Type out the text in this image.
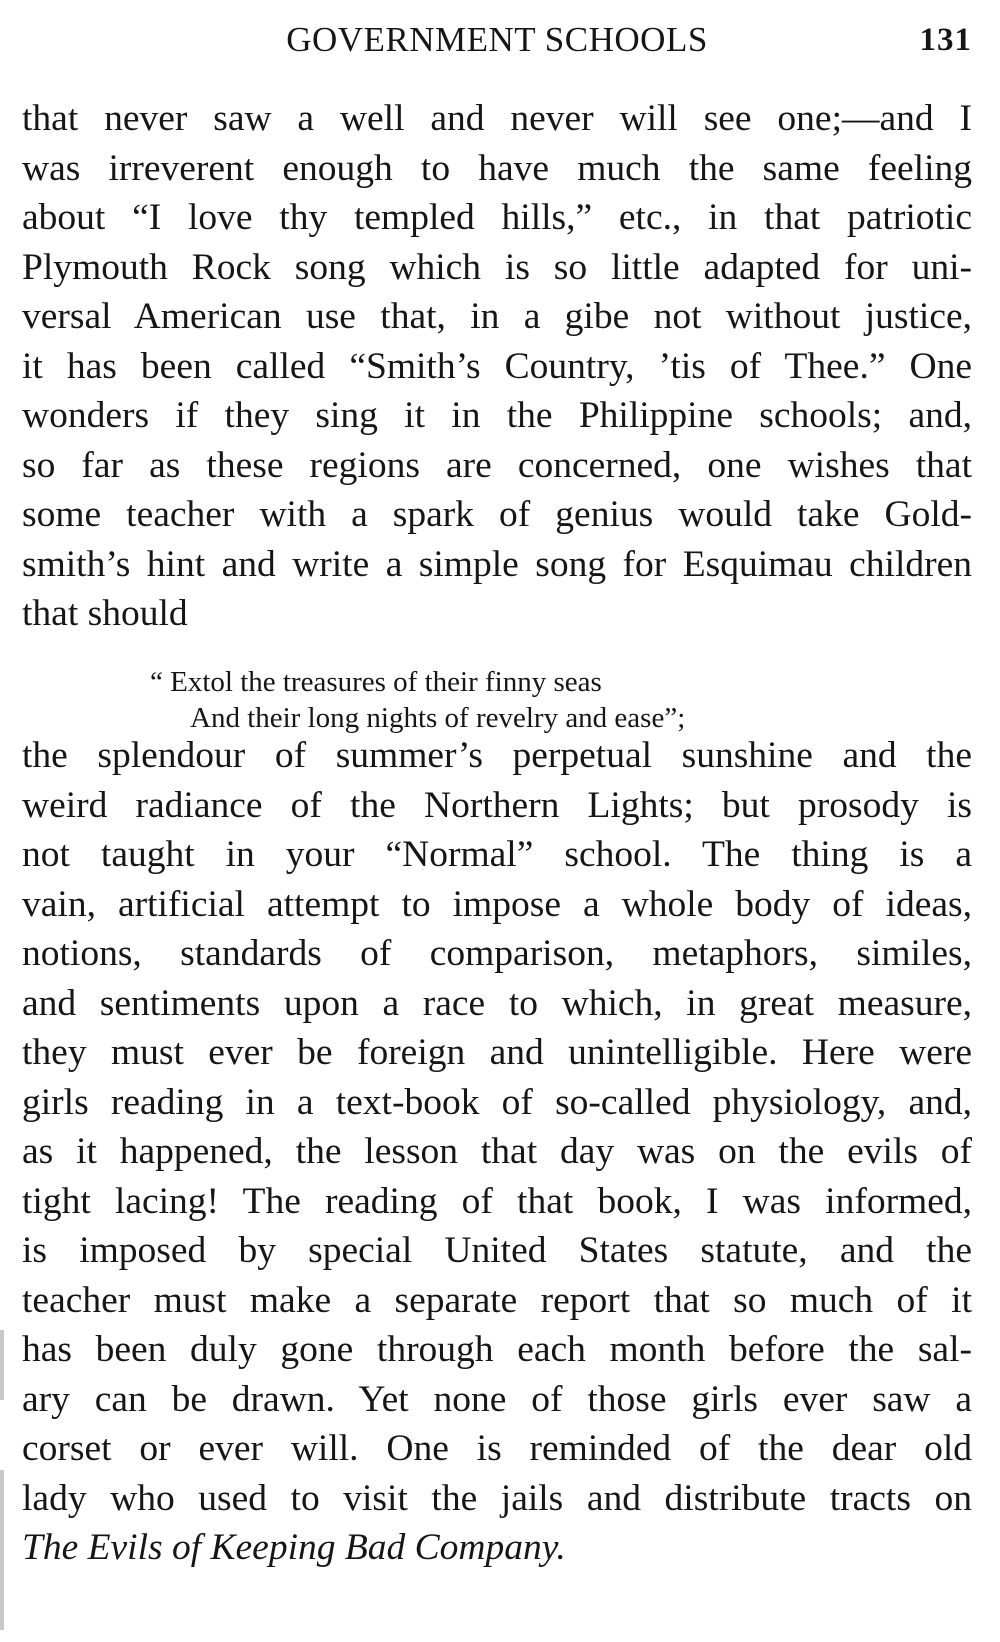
GOVERNMENT SCHOOLS	131

that never saw a well and never will see one;—and I
was irreverent enough to have much the same feeling
about “I love thy templed hills,” etc., in that patriotic
Plymouth Rock song which is so little adapted for uni-
versal American use that, in a gibe not without justice,
it has been called “Smith’s Country, ’tis of Thee.” One
wonders if they sing it in the Philippine schools; and,
so far as these regions are concerned, one wishes that
some teacher with a spark of genius would take Gold-
smith’s hint and write a simple song for Esquimau children
that should

“ Extol the treasures of their finny seas
And their long nights of revelry and ease”;

the splendour of summer’s perpetual sunshine and the
weird radiance of the Northern Lights; but prosody is
not taught in your “Normal” school. The thing is a
vain, artificial attempt to impose a whole body of ideas,
notions, standards of comparison, metaphors, similes,
and sentiments upon a race to which, in great measure,
they must ever be foreign and unintelligible. Here were
girls reading in a text-book of so-called physiology, and,
as it happened, the lesson that day was on the evils of
tight lacing! The reading of that book, I was informed,
is imposed by special United States statute, and the
teacher must make a separate report that so much of it
has been duly gone through each month before the sal-
ary can be drawn. Yet none of those girls ever saw a
corset or ever will. One is reminded of the dear old
lady who used to visit the jails and distribute tracts on
The Evils of Keeping Bad Company.
